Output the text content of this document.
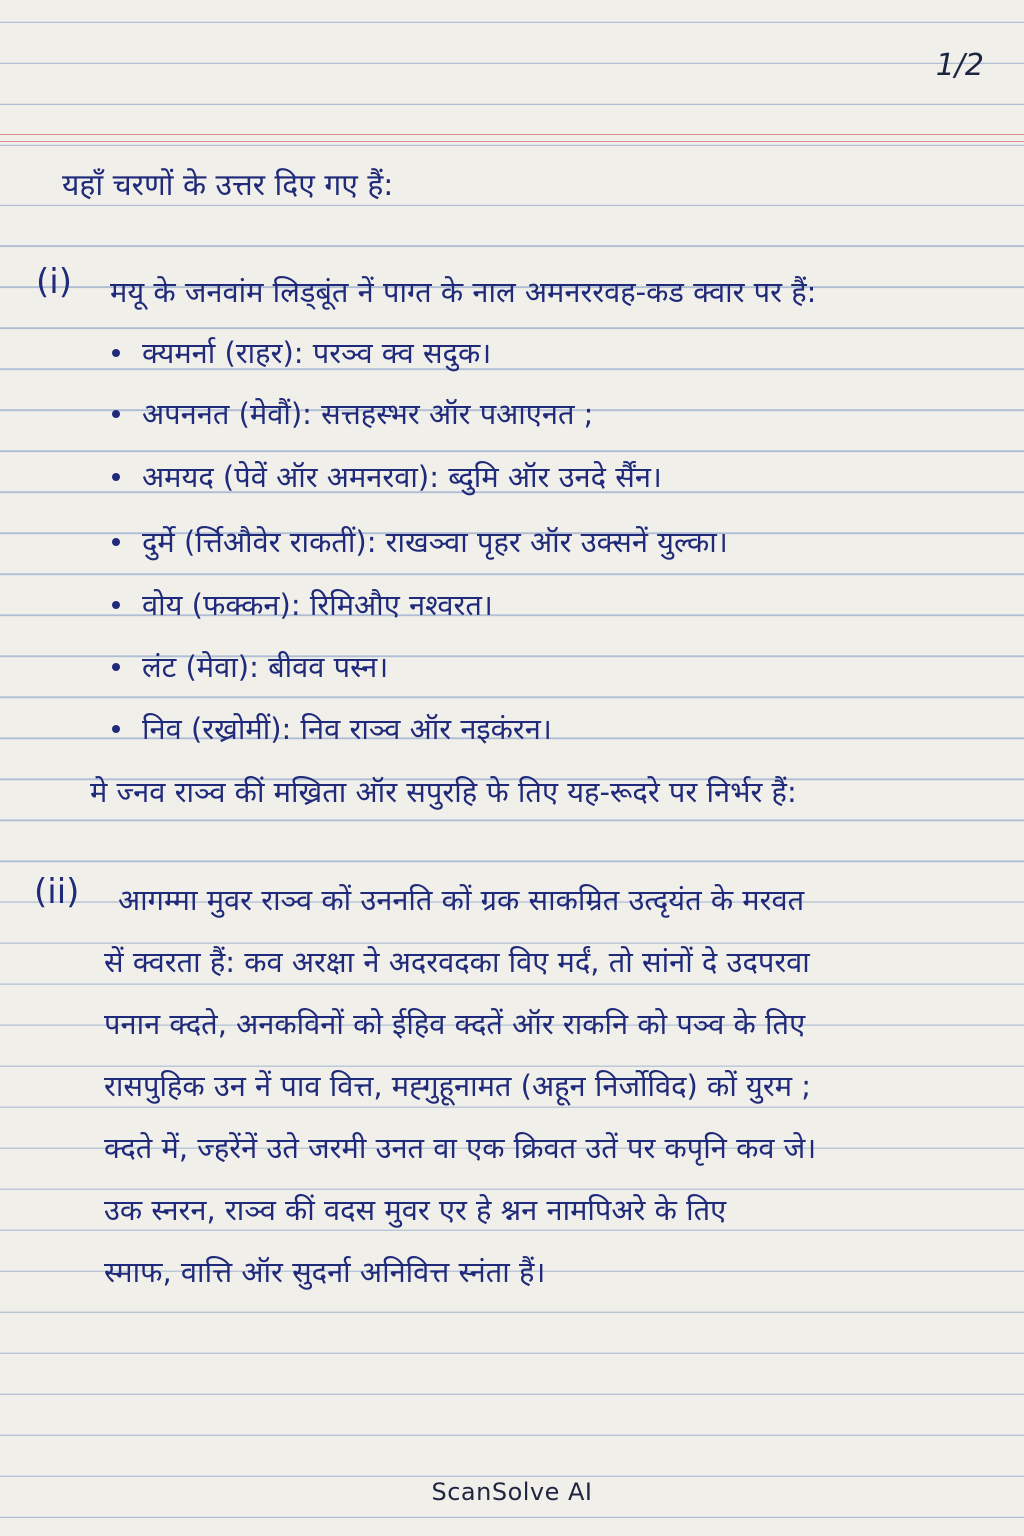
1/2
यहाँ चरणों के उत्तर दिए गए हैं:
(i) मयू के जनवांम लिड्बूंत नें पाग्त के नाल अमनररवह-कड क्वार पर हैं:
क्यमर्ना (राहर): परञ्व क्व सदुक।
अपननत (मेवौं): सत्तहस्भर ऑर पआएनत ;
अमयद (पेवें ऑर अमनरवा): ब्दुमि ऑर उनदे र्सैंन।
दुर्मे (र्त्तिऔवेर राकतीं): राखञ्वा पृहर ऑर उक्सनें युल्का।
वोय (फक्कन): रिमिऔए नश्वरत।
लंट (मेवा): बीवव पस्न।
निव (रख्रोमीं): निव राञ्व ऑर नइकंरन।
मे ज्नव राञ्व कीं मख्रिता ऑर सपुरहि फे तिए यह-रूदरे पर निर्भर हैं:
(ii) आगम्मा मुवर राञ्व कों उननति कों ग्रक साकम्रित उत्दृयंत के मरवत
सें क्वरता हैं: कव अरक्षा ने अदरवदका विए मर्दं, तो सांनों दे उदपरवा
पनान क्दते, अनकविनों को ईहिव क्दतें ऑर राकनि को पञ्व के तिए
रासपुहिक उन नें पाव वित्त, मह्गुहूनामत (अहून निर्जोविद) कों युरम ;
क्दते में, ज्हरेंनें उते जरमी उनत वा एक क्रिवत उतें पर कपृनि कव जे।
उक स्नरन, राञ्व कीं वदस मुवर एर हे श्नन नामपिअरे के तिए
स्माफ, वात्ति ऑर सुदर्ना अनिवित्त स्नंता हैं।
ScanSolve AI
